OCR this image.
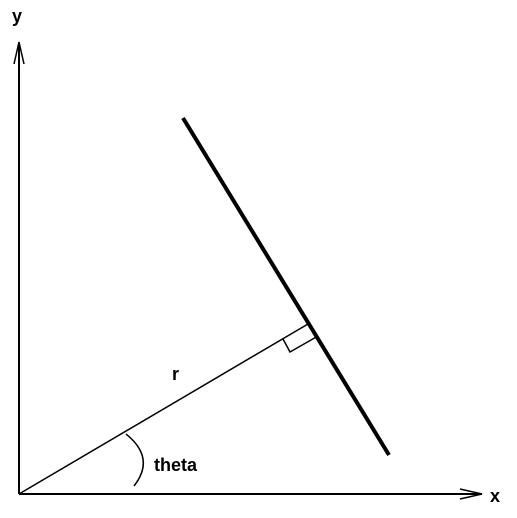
y
x
r
theta
